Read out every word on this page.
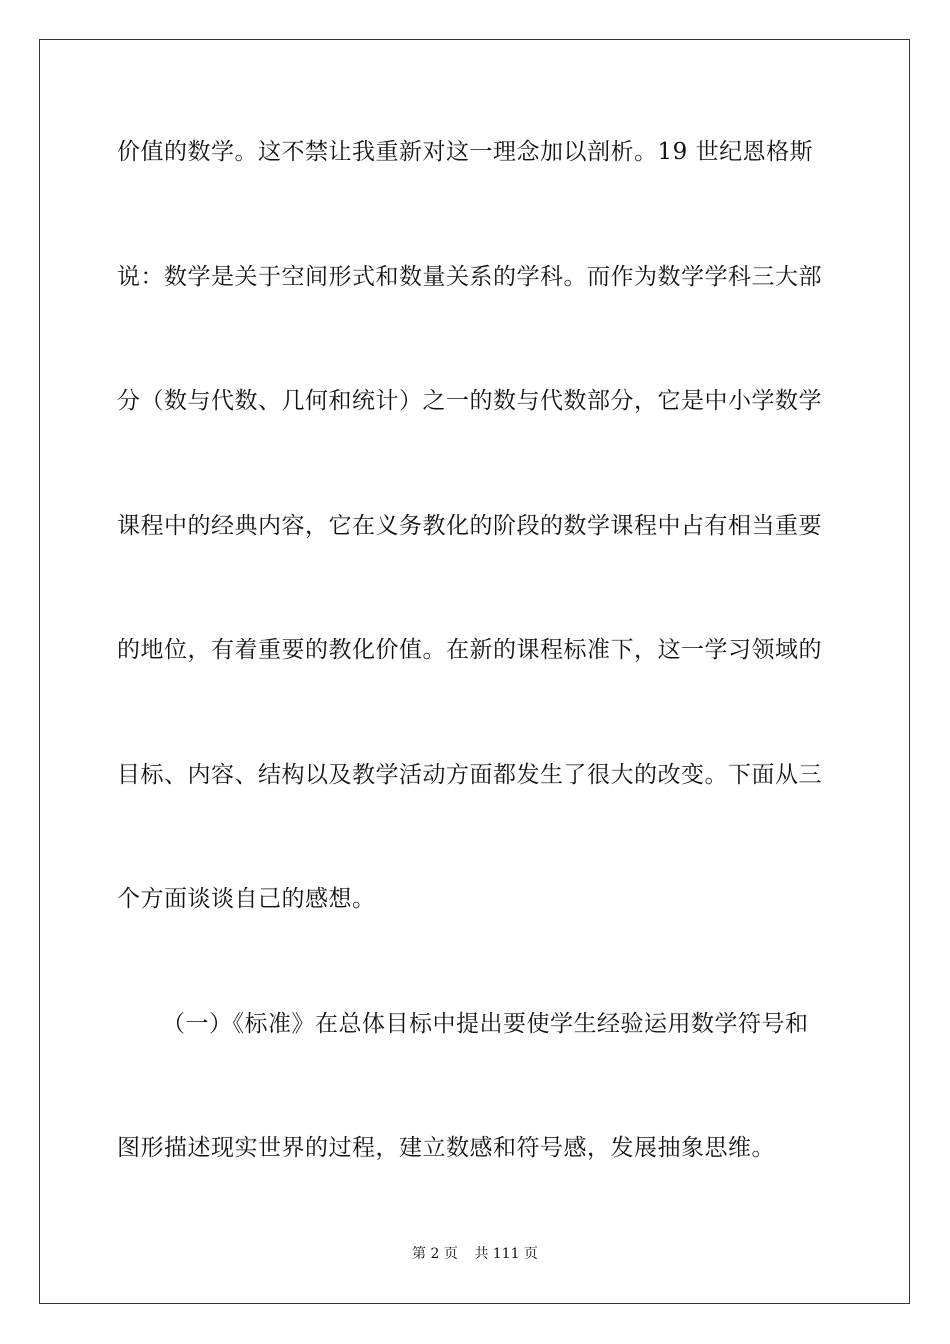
价值的数学。这不禁让我重新对这一理念加以剖析。19 世纪恩格斯
说：数学是关于空间形式和数量关系的学科。而作为数学学科三大部
分（数与代数、几何和统计）之一的数与代数部分，它是中小学数学
课程中的经典内容，它在义务教化的阶段的数学课程中占有相当重要
的地位，有着重要的教化价值。在新的课程标准下，这一学习领域的
目标、内容、结构以及教学活动方面都发生了很大的改变。下面从三
个方面谈谈自己的感想。
（一）《标准》在总体目标中提出要使学生经验运用数学符号和
图形描述现实世界的过程，建立数感和符号感，发展抽象思维。
第 2 页 共 111 页
